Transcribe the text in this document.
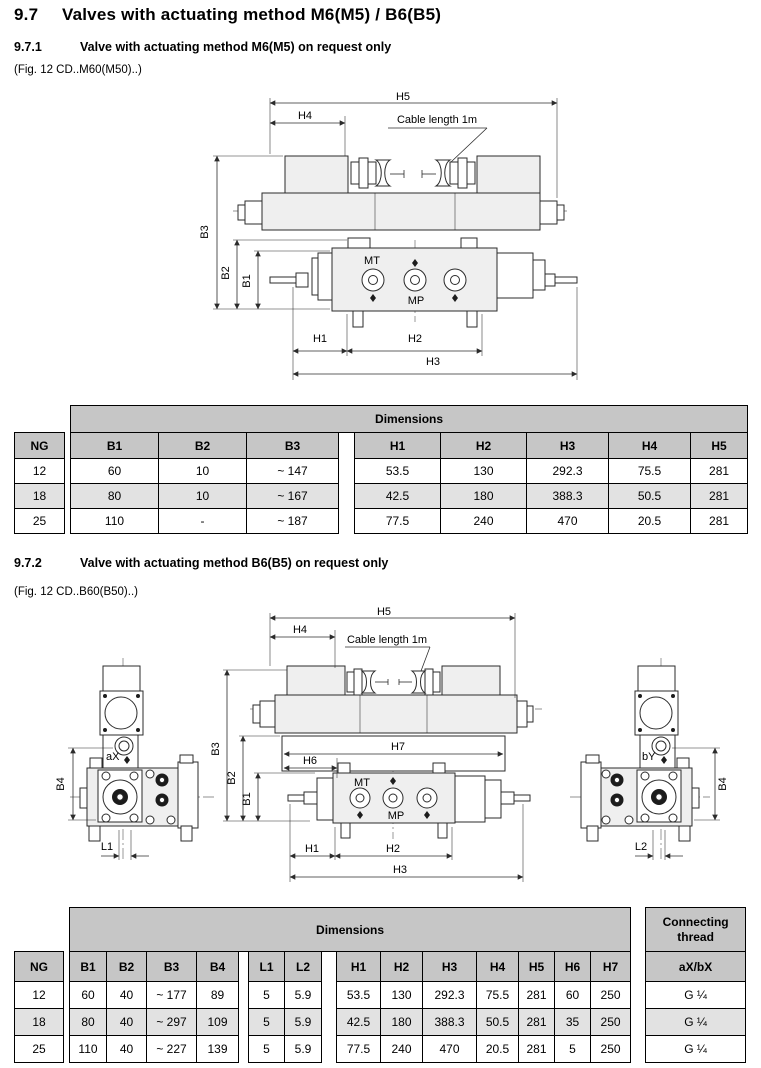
9.7 Valves with actuating method M6(M5) / B6(B5)
9.7.1	Valve with actuating method M6(M5) on request only
(Fig. 12 CD..M60(M50)..)
MT
MP
H5
H4	Cable length 1m
B3
B2
B1
H1	H2
H3
		Dimensions								
NG		B1	B2	B3		H1	H2	H3	H4	H5
12		60	10	~ 147		53.5	130	292.3	75.5	281
18		80	10	~ 167		42.5	180	388.3	50.5	281
25		110	-	~ 187		77.5	240	470	20.5	281
9.7.2	Valve with actuating method B6(B5) on request only
(Fig. 12 CD..B60(B50)..)
aX
B4
L1
MT
MP
H5
H4
Cable length 1m
B3
B2
B1
H7
H6
H1	H2
H3
bY
B4
L2
		Dimensions																Connecting thread
NG		B1	B2	B3	B4		L1	L2		H1	H2	H3	H4	H5	H6	H7		aX/bX
12		60	40	~ 177	89		5	5.9		53.5	130	292.3	75.5	281	60	250		G ¼
18		80	40	~ 297	109		5	5.9		42.5	180	388.3	50.5	281	35	250		G ¼
25		110	40	~ 227	139		5	5.9		77.5	240	470	20.5	281	5	250		G ¼
